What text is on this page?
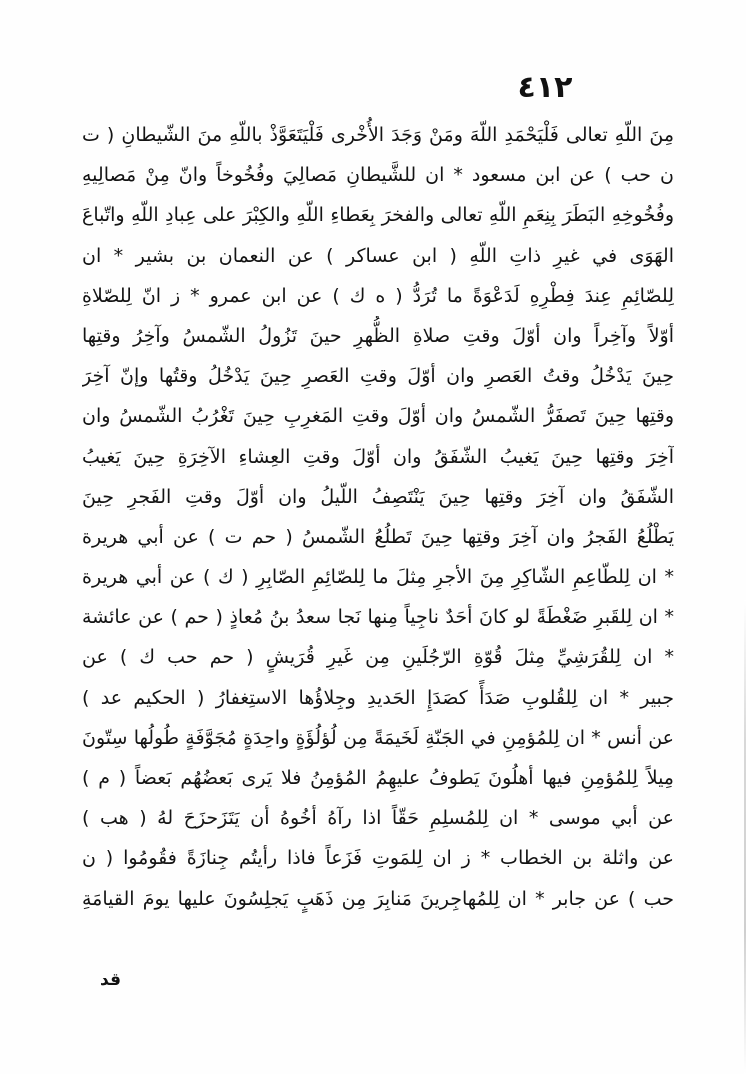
٤١٢
مِنَ اللّهِ تعالى فَلْيَحْمَدِ اللّهَ ومَنْ وَجَدَ الأُخْرى فَلْيَتَعَوَّذْ باللّهِ منَ الشّيطانِ ( ت
ن حب ) عن ابن مسعود * ان للشَّيطانِ مَصالِيَ وفُخُوخاً وانّ مِنْ مَصالِيهِ
وفُخُوخِهِ البَطَرَ بِنِعَمِ اللّهِ تعالى والفخرَ بِعَطاءِ اللّهِ والكِبْرَ على عِبادِ اللّهِ واتّباعَ
الهَوَى في غيرِ ذاتِ اللّهِ ( ابن عساكر ) عن النعمان بن بشير * ان
لِلصّائِمِ عِندَ فِطْرِهِ لَدَعْوَةً ما تُرَدُّ ( ه ك ) عن ابن عمرو * ز انّ لِلصّلاةِ
أوّلاً وآخِراً وان أوّلَ وقتِ صلاةِ الظُّهرِ حينَ تَزُولُ الشّمسُ وآخِرُ وقتِها
حِينَ يَدْخُلُ وقتُ العَصرِ وان أوّلَ وقتِ العَصرِ حِينَ يَدْخُلُ وقتُها وإنّ آخِرَ
وقتِها حِينَ تَصفَرُّ الشّمسُ وان أوّلَ وقتِ المَغرِبِ حِينَ تَغْرُبُ الشّمسُ وان
آخِرَ وقتِها حِينَ يَغيبُ الشّفَقُ وان أوّلَ وقتِ العِشاءِ الآخِرَةِ حِينَ يَغيبُ
الشّفَقُ وان آخِرَ وقتِها حِينَ يَنْتَصِفُ اللّيلُ وان أوّلَ وقتِ الفَجرِ حِينَ
يَطْلُعُ الفَجرُ وان آخِرَ وقتِها حِينَ تَطلُعُ الشّمسُ ( حم ت ) عن أبي هريرة
* ان لِلطّاعِمِ الشّاكِرِ مِنَ الأجرِ مِثلَ ما لِلصّائِمِ الصّابِرِ ( ك ) عن أبي هريرة
* ان لِلقَبرِ ضَغْطَةً لو كانَ أحَدٌ ناجِياً مِنها نَجا سعدُ بنُ مُعاذٍ ( حم ) عن عائشة
* ان لِلقُرَشِيِّ مِثلَ قُوّةِ الرّجُلَينِ مِن غَيرِ قُرَيشٍ ( حم حب ك ) عن
جبير * ان لِلقُلوبِ صَدَأً كصَدَإِ الحَديدِ وجِلاؤُها الاستِغفارُ ( الحكيم عد )
عن أنس * ان لِلمُؤمِنِ في الجَنّةِ لَخَيمَةً مِن لُؤلُؤَةٍ واحِدَةٍ مُجَوَّفَةٍ طُولُها سِتّونَ
مِيلاً لِلمُؤمِنِ فيها أهلُونَ يَطوفُ عليهِمُ المُؤمِنُ فلا يَرى بَعضُهُم بَعضاً ( م )
عن أبي موسى * ان لِلمُسلِمِ حَقّاً اذا رآهُ أخُوهُ أن يَتَزَحزَحَ لهُ ( هب )
عن واثلة بن الخطاب * ز ان لِلمَوتِ فَزَعاً فاذا رأيتُم جِنازَةً فقُومُوا ( ن
حب ) عن جابر * ان لِلمُهاجِرينَ مَنابِرَ مِن ذَهَبٍ يَجلِسُونَ عليها يومَ القيامَةِ
قد
